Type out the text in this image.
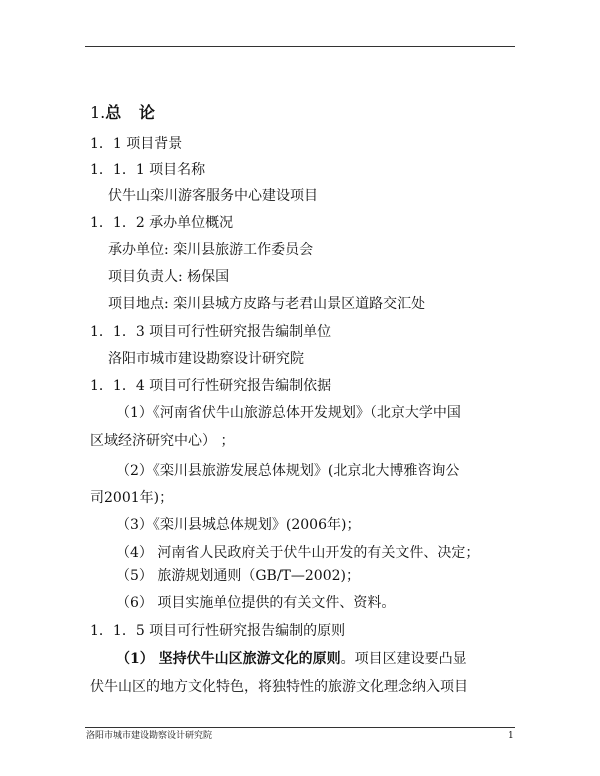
1.总 论
1．1 项目背景
1．1．1 项目名称
伏牛山栾川游客服务中心建设项目
1．1．2 承办单位概况
承办单位: 栾川县旅游工作委员会
项目负责人: 杨保国
项目地点: 栾川县城方皮路与老君山景区道路交汇处
1．1．3 项目可行性研究报告编制单位
洛阳市城市建设勘察设计研究院
1．1．4 项目可行性研究报告编制依据
（1）《河南省伏牛山旅游总体开发规划》（北京大学中国
区域经济研究中心） ；
（2）《栾川县旅游发展总体规划》(北京北大博雅咨询公
司2001年)；
（3）《栾川县城总体规划》(2006年)；
（4） 河南省人民政府关于伏牛山开发的有关文件、决定；
（5） 旅游规划通则（GB/T—2002)；
（6） 项目实施单位提供的有关文件、资料。
1．1．5 项目可行性研究报告编制的原则
（1） 坚持伏牛山区旅游文化的原则。项目区建设要凸显
伏牛山区的地方文化特色，将独特性的旅游文化理念纳入项目
洛阳市城市建设勘察设计研究院	1
